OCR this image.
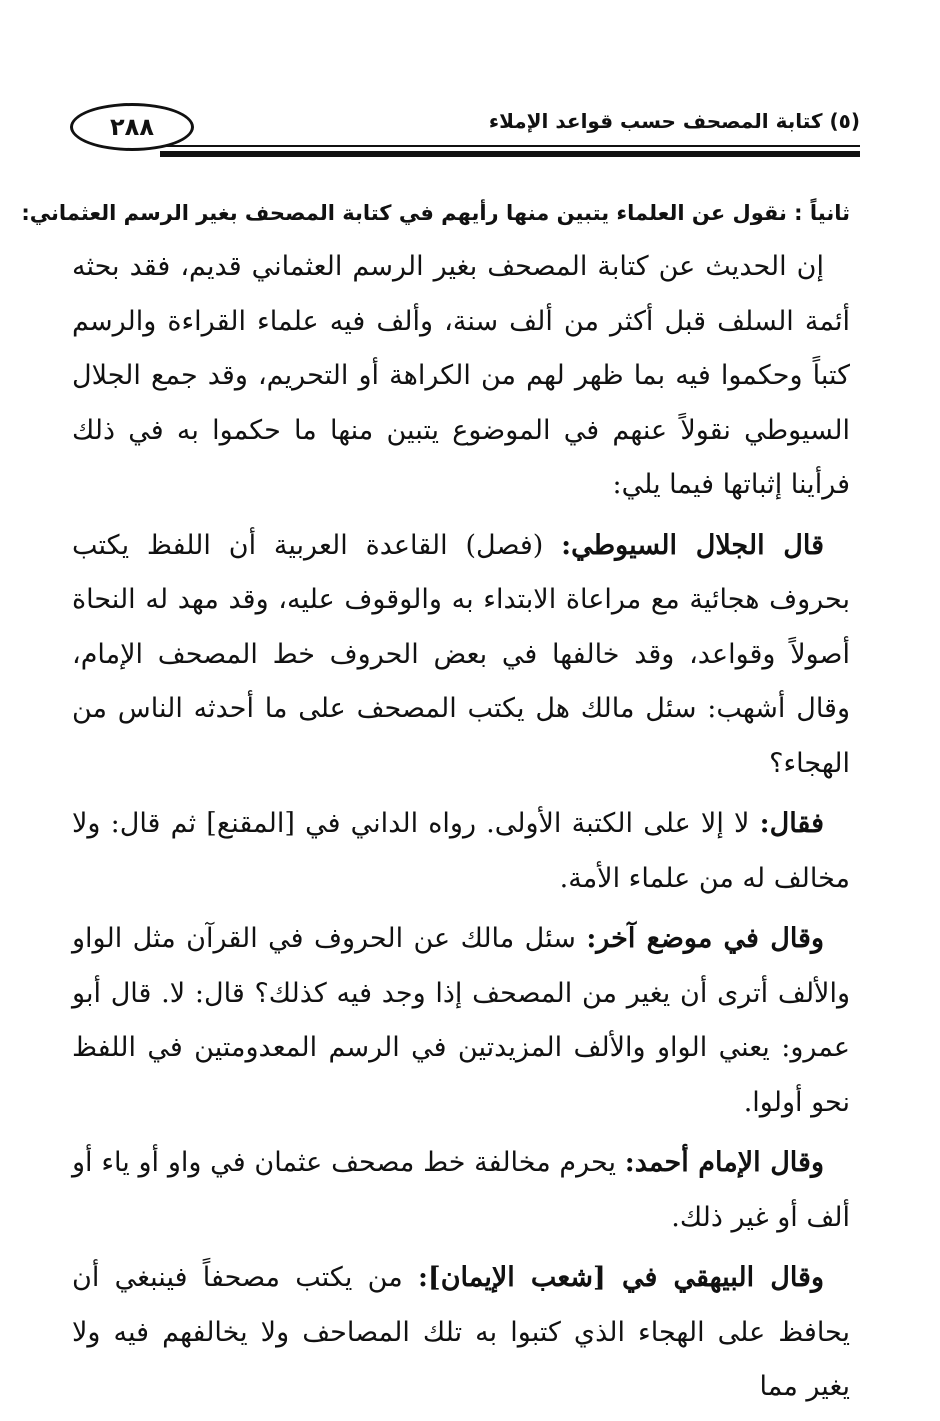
٢٨٨	(٥) كتابة المصحف حسب قواعد الإملاء
ثانياً : نقول عن العلماء يتبين منها رأيهم في كتابة المصحف بغير الرسم العثماني:

إن الحديث عن كتابة المصحف بغير الرسم العثماني قديم، فقد بحثه أئمة السلف قبل أكثر من ألف سنة، وألف فيه علماء القراءة والرسم كتباً وحكموا فيه بما ظهر لهم من الكراهة أو التحريم، وقد جمع الجلال السيوطي نقولاً عنهم في الموضوع يتبين منها ما حكموا به في ذلك فرأينا إثباتها فيما يلي:

قال الجلال السيوطي: (فصل) القاعدة العربية أن اللفظ يكتب بحروف هجائية مع مراعاة الابتداء به والوقوف عليه، وقد مهد له النحاة أصولاً وقواعد، وقد خالفها في بعض الحروف خط المصحف الإمام، وقال أشهب: سئل مالك هل يكتب المصحف على ما أحدثه الناس من الهجاء؟

فقال: لا إلا على الكتبة الأولى. رواه الداني في [المقنع] ثم قال: ولا مخالف له من علماء الأمة.

وقال في موضع آخر: سئل مالك عن الحروف في القرآن مثل الواو والألف أترى أن يغير من المصحف إذا وجد فيه كذلك؟ قال: لا. قال أبو عمرو: يعني الواو والألف المزيدتين في الرسم المعدومتين في اللفظ نحو أولوا.

وقال الإمام أحمد: يحرم مخالفة خط مصحف عثمان في واو أو ياء أو ألف أو غير ذلك.

وقال البيهقي في [شعب الإيمان]: من يكتب مصحفاً فينبغي أن يحافظ على الهجاء الذي كتبوا به تلك المصاحف ولا يخالفهم فيه ولا يغير مما
